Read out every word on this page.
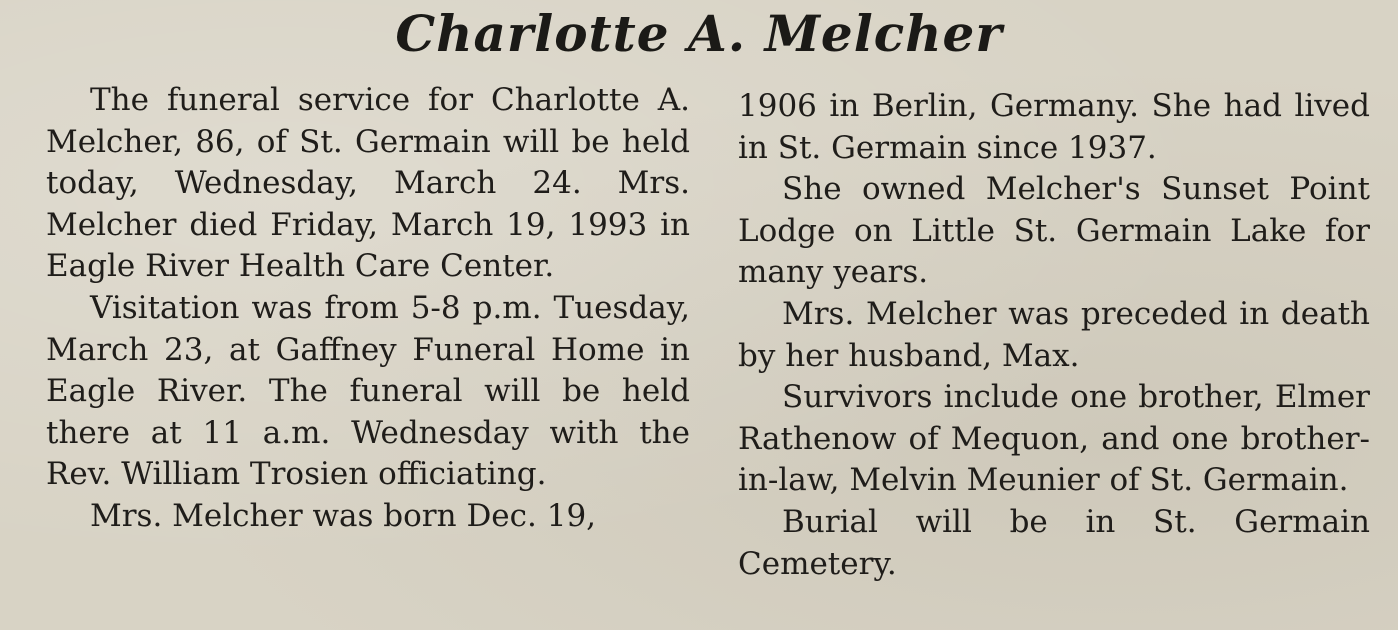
Charlotte A. Melcher

The funeral service for Charlotte A. Melcher, 86, of St. Germain will be held today, Wednesday, March 24. Mrs. Melcher died Friday, March 19, 1993 in Eagle River Health Care Center.

Visitation was from 5-8 p.m. Tuesday, March 23, at Gaffney Funeral Home in Eagle River. The funeral will be held there at 11 a.m. Wednesday with the Rev. William Trosien officiating.

Mrs. Melcher was born Dec. 19,

1906 in Berlin, Germany. She had lived in St. Germain since 1937.

She owned Melcher's Sunset Point Lodge on Little St. Germain Lake for many years.

Mrs. Melcher was preceded in death by her husband, Max.

Survivors include one brother, Elmer Rathenow of Mequon, and one brother-in-law, Melvin Meunier of St. Germain.

Burial will be in St. Germain Cemetery.
